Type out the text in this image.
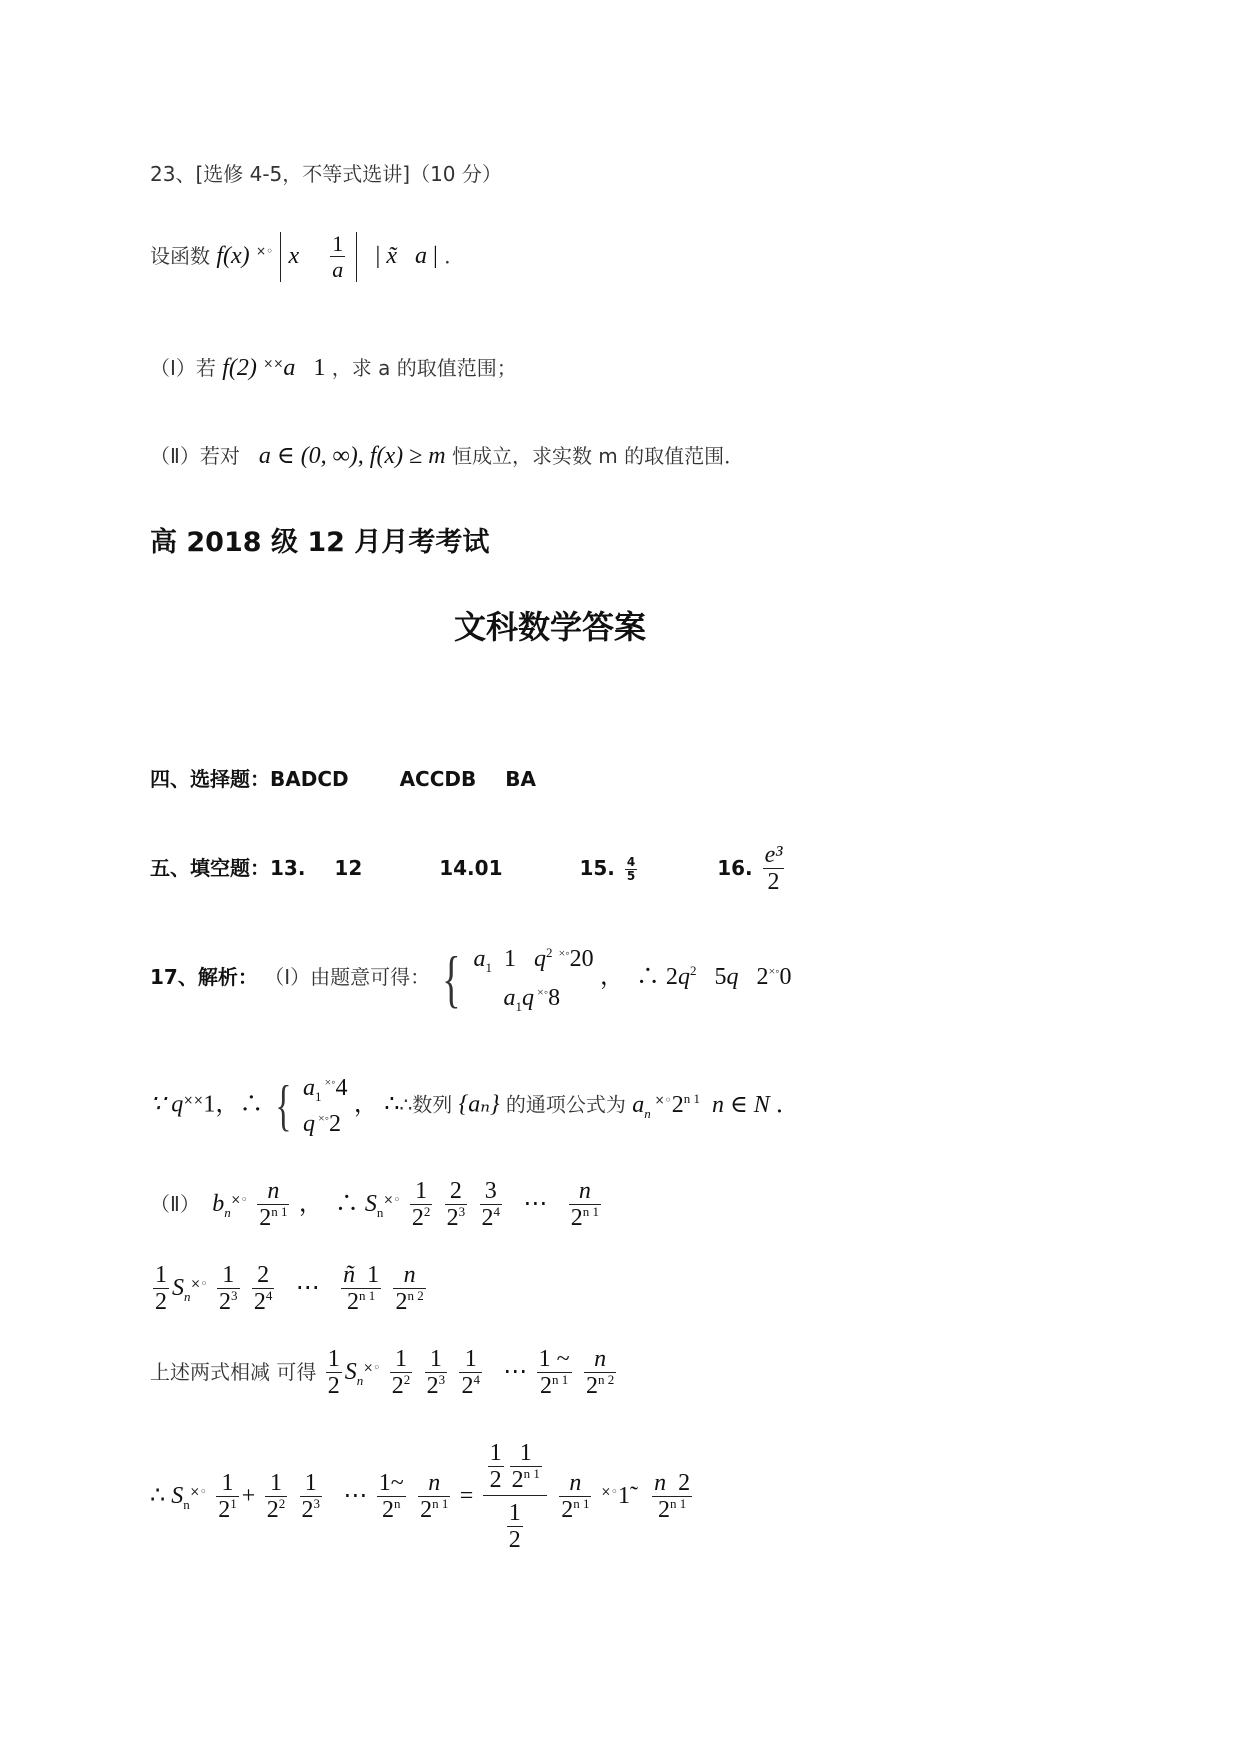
23、[选修 4-5，不等式选讲]（10 分）
设函数 f(x) ×◦ x $\frac{1}{a}$ | x̃ a | ．
（Ⅰ）若 f(2) ××a   1 ，求 a 的取值范围；
（Ⅱ）若对 a ∈ (0, ∞), f(x) ≥ m 恒成立，求实数 m 的取值范围．
高 2018 级 12 月月考考试
文科数学答案
四、选择题：BADCD	ACCDB BA
五、填空题：13. 12	14.01	15. $\frac{4}{5}$	16. $\frac{\text{e³}}{2}$
17、解析： （Ⅰ）由题意可得： { $a_1$  1   $q^2$  ×◦20
$a_1q$ ×◦8 ，  ∴ $2q^2$   5q   2×◦0
∵ q××1，∴ { $a_1$ ×◦4
q ×◦2 ， ∴∴数列 {aₙ} 的通项公式为 $a_n$ $^{\times◦}2^{n 1}$ n ∈ N ．
（Ⅱ）  $b_n^{\times◦} \frac{n}{2^{n 1}}$ ，  ∴ $S_n^{\times◦} \frac{1}{2^2}$
$\frac{2}{2^3}$
$\frac{3}{2^4}$ ⋯ $\frac{n}{2^{n 1}}$
$\frac{1}{2} S_n^{\times◦} \frac{1}{2^3}$
$\frac{2}{2^4}$ ⋯ $\frac{ñ 1}{2^{n 1}}$
$\frac{n}{2^{n 2}}$
上述两式相减 可得 $\frac{1}{2} S_n^{\times◦} \frac{1}{2^2}$
$\frac{1}{2^3}$
$\frac{1}{2^4}$ ⋯ $\frac{1 \sim}{2^{n 1}}$
$\frac{n}{2^{n 2}}$
∴ $S_n^{\times◦} \frac{1}{2^1} + \frac{1}{2^2}$
$\frac{1}{2^3}$ ⋯ $\frac{1\sim}{2^n}$
$\frac{n}{2^{n 1}} = \frac{\frac{1}{2} \frac{1}{2^{n 1}}}{\frac{1}{2}}$
$\frac{n}{2^{n 1}}$ ×◦1̃ $\frac{n 2}{2^{n 1}}$
